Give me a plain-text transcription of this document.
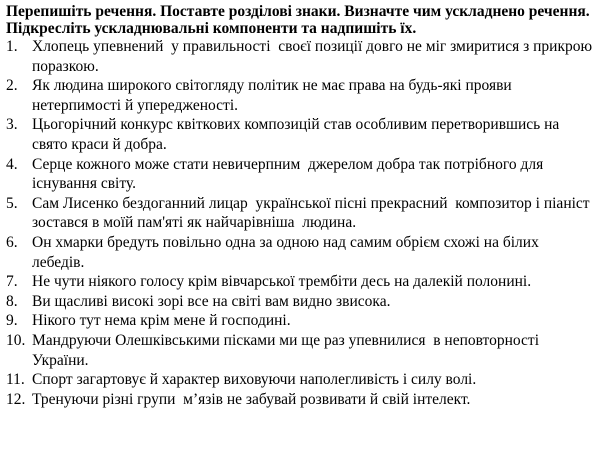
Перепишіть речення. Поставте розділові знаки. Визначте чим ускладнено речення. Підкресліть ускладнювальні компоненти та надпишіть їх.

1. Хлопець упевнений  у правильності  своєї позиції довго не міг змиритися з прикрою поразкою.
2. Як людина широкого світогляду політик не має права на будь-які прояви нетерпимості й упередженості.
3. Цьогорічний конкурс квіткових композицій став особливим перетворившись на свято краси й добра.
4. Серце кожного може стати невичерпним  джерелом добра так потрібного для існування світу.
5. Сам Лисенко бездоганний лицар  української пісні прекрасний  композитор і піаніст зостався в моїй пам'яті як найчарівніша  людина.
6. Он хмарки бредуть повільно одна за одною над самим обрієм схожі на білих лебедів.
7. Не чути ніякого голосу крім вівчарської трембіти десь на далекій полонині.
8. Ви щасливі високі зорі все на світі вам видно звисока.
9. Нікого тут нема крім мене й господині.
10. Мандруючи Олешківськими пісками ми ще раз упевнилися  в неповторності України.
11. Спорт загартовує й характер виховуючи наполегливість і силу волі.
12. Тренуючи різні групи  м’язів не забувай розвивати й свій інтелект.
